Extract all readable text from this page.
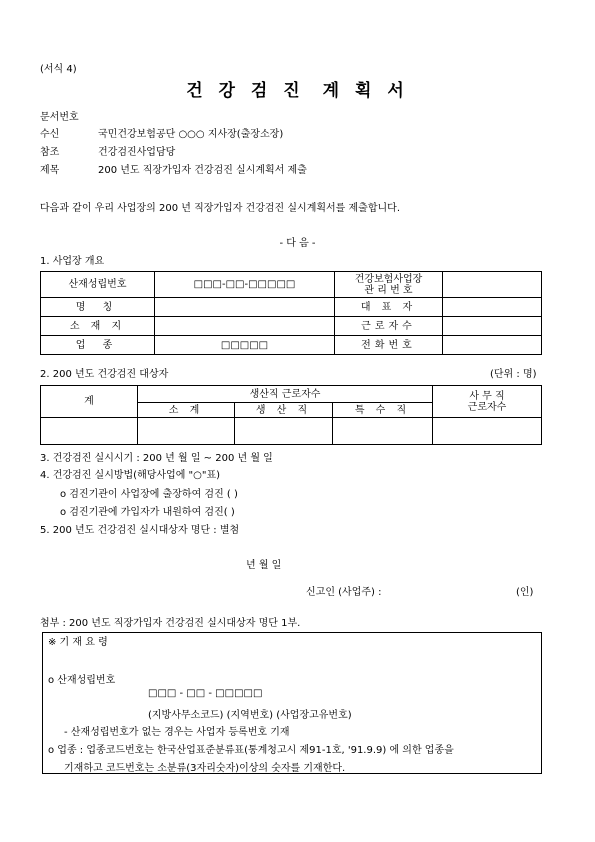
(서식 4)
건 강 검 진 계 획 서
문서번호
수신	국민건강보험공단 ○○○ 지사장(출장소장)
참조	건강검진사업담당
제목	200 년도 직장가입자 건강검진 실시계획서 제출
다음과 같이 우리 사업장의 200 년 직장가입자 건강검진 실시계획서를 제출합니다.
- 다 음 -
1. 사업장 개요
산재성립번호	□□□-□□-□□□□□	건강보험사업장
관 리 번 호	

명 칭		대 표 자	
소 재 지		근로자수	
업 종	□□□□□	전화번호	
2. 200 년도 건강검진 대상자	(단위 : 명)
계	생산직 근로자수			사 무 직
근로자수

	소 계	생 산 직	특 수 직	

3. 건강검진 실시시기 : 200 년 월 일 ~ 200 년 월 일
4. 건강검진 실시방법(해당사업에 "○"표)
o 검진기관이 사업장에 출장하여 검진 ( )
o 검진기관에 가입자가 내원하여 검진( )
5. 200 년도 건강검진 실시대상자 명단 : 별첨
년 월 일
신고인 (사업주) :	(인)
첨부 : 200 년도 직장가입자 건강검진 실시대상자 명단 1부.
※ 기 재 요 령
o 산재성립번호
□□□ - □□ - □□□□□
(지방사무소코드) (지역번호) (사업장고유번호)
- 산재성립번호가 없는 경우는 사업자 등록번호 기재
o 업종 : 업종코드번호는 한국산업표준분류표(통계청고시 제91-1호, '91.9.9) 에 의한 업종을
기재하고 코드번호는 소분류(3자리숫자)이상의 숫자를 기재한다.
